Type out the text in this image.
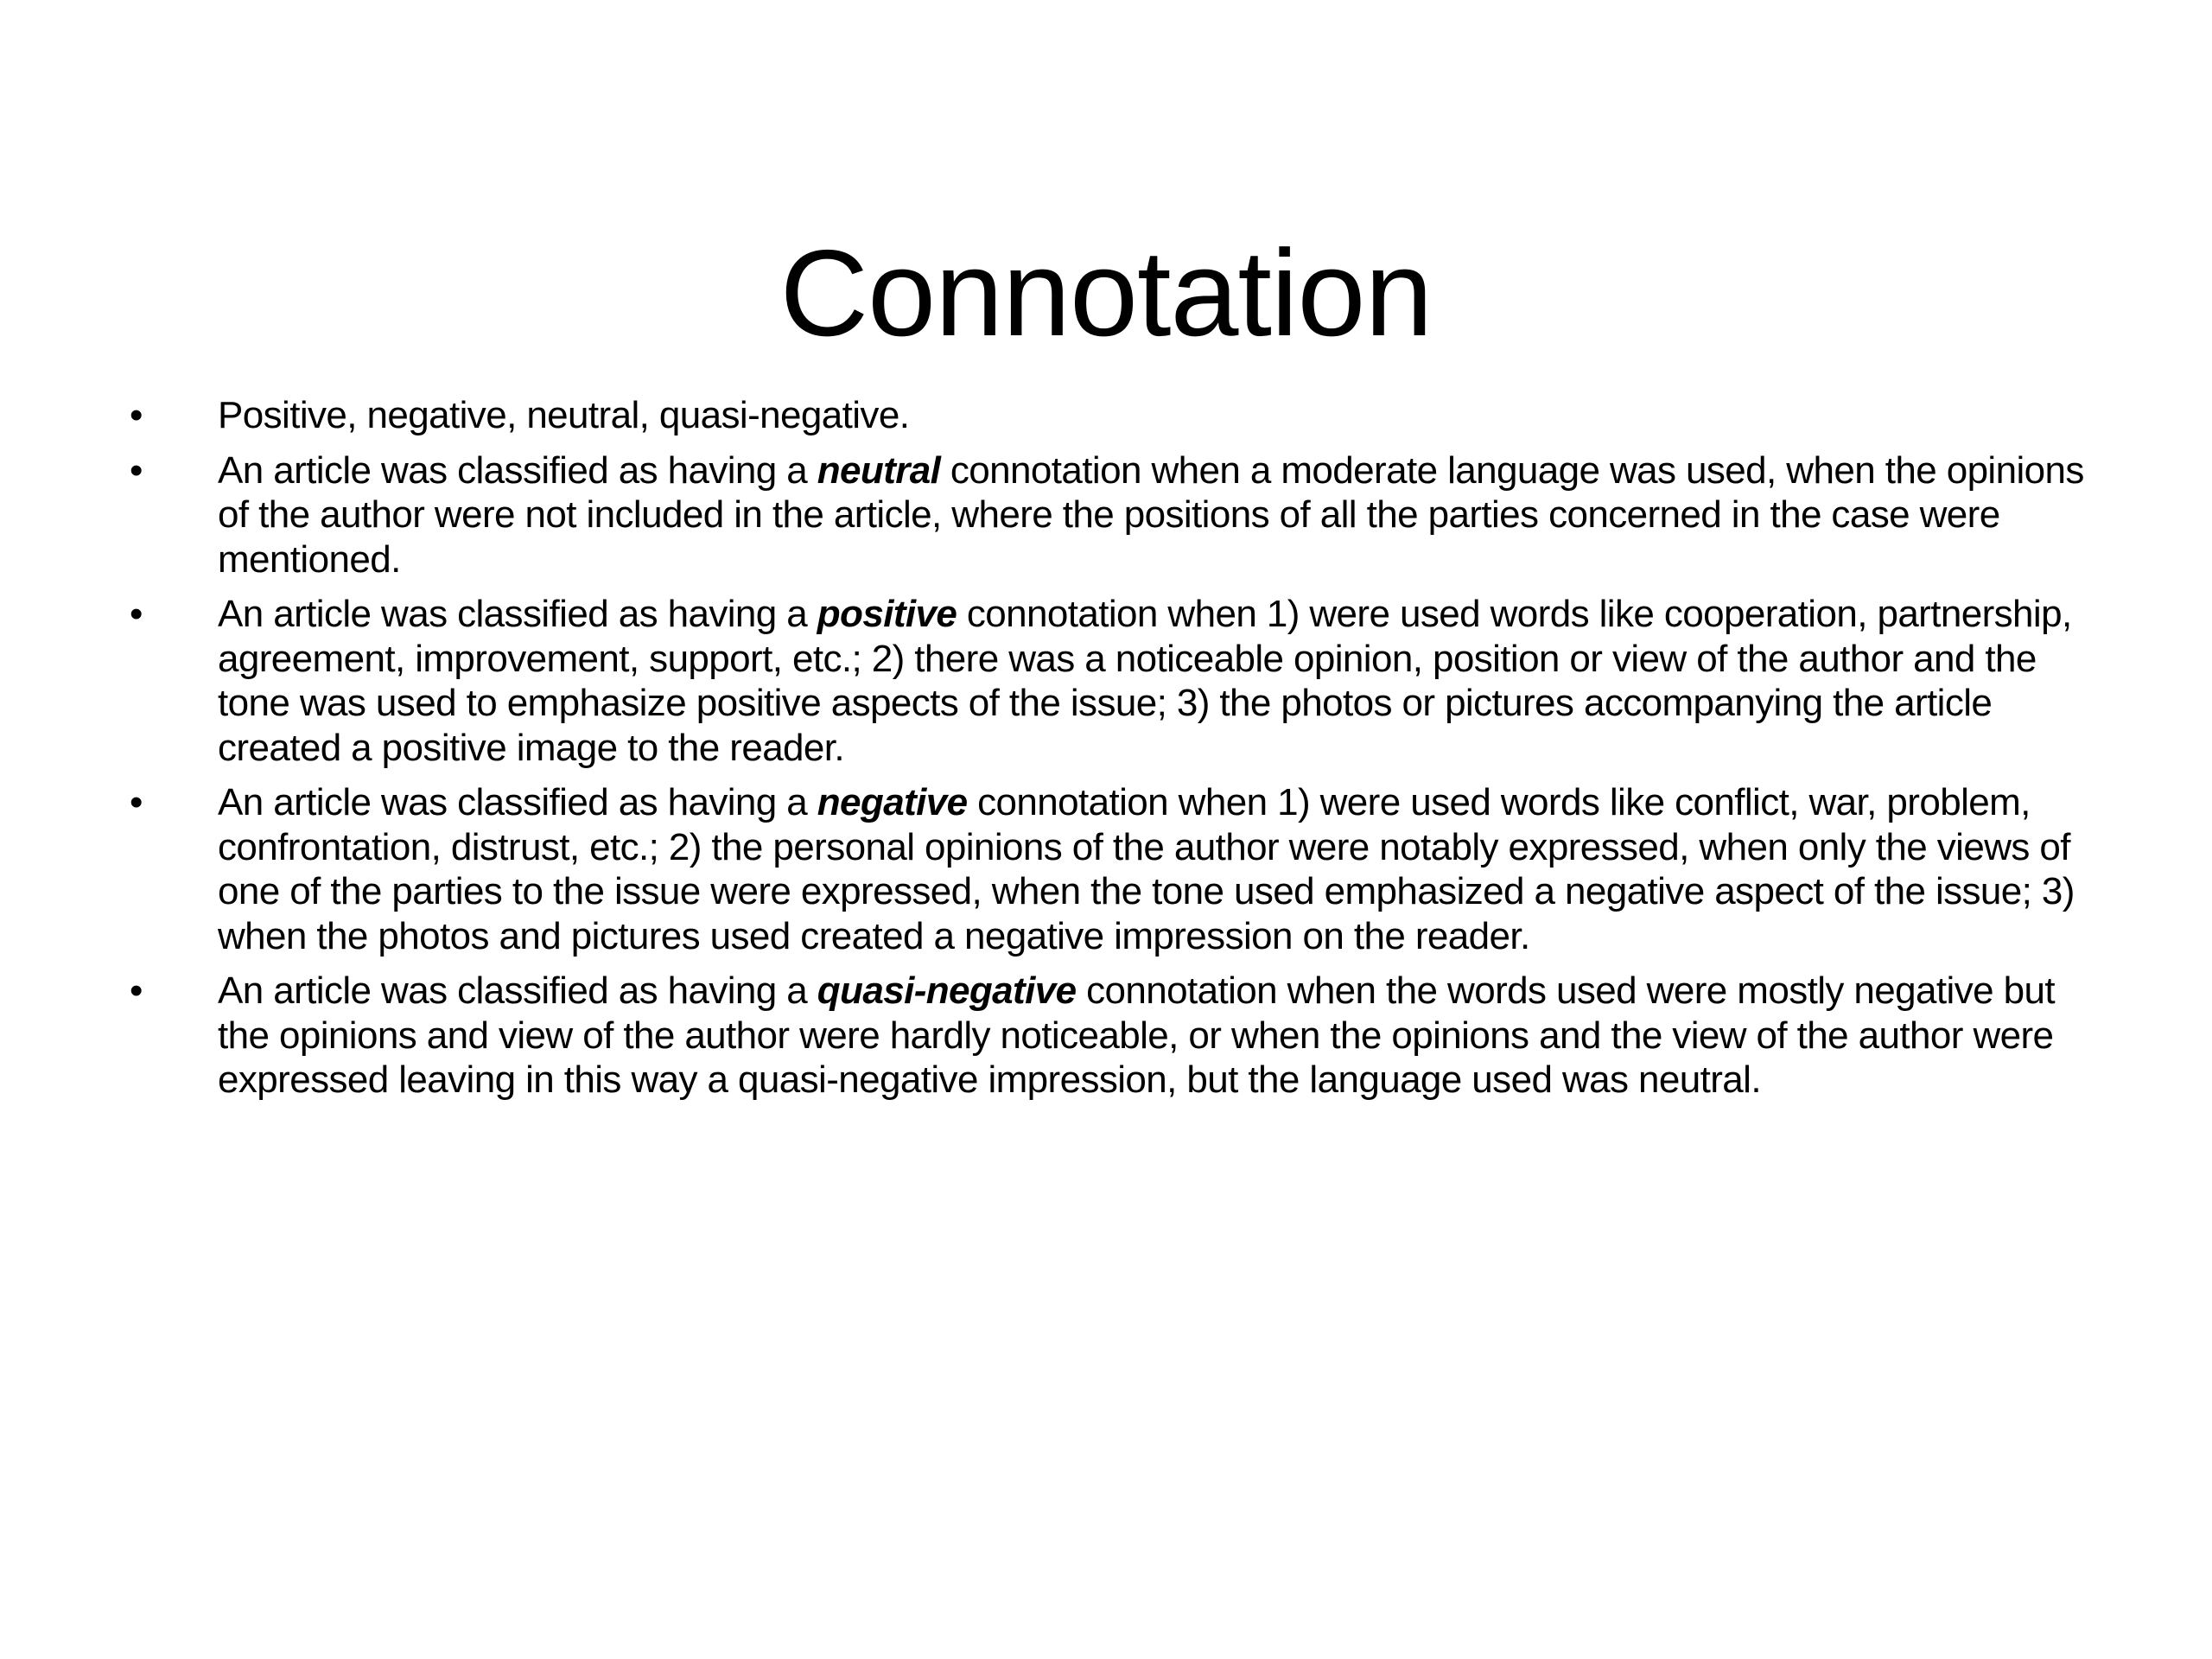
Connotation
•	Positive, negative, neutral, quasi-negative.
•	An article was classified as having a neutral connotation when a moderate language was used, when the opinions of the author were not included in the article, where the positions of all the parties concerned in the case were mentioned.
•	An article was classified as having a positive connotation when 1) were used words like cooperation, partnership, agreement, improvement, support, etc.; 2) there was a noticeable opinion, position or view of the author and the tone was used to emphasize positive aspects of the issue; 3) the photos or pictures accompanying the article created a positive image to the reader.
•	An article was classified as having a negative connotation when 1) were used words like conflict, war, problem, confrontation, distrust, etc.; 2) the personal opinions of the author were notably expressed, when only the views of one of the parties to the issue were expressed, when the tone used emphasized a negative aspect of the issue; 3) when the photos and pictures used created a negative impression on the reader.
•	An article was classified as having a quasi-negative connotation when the words used were mostly negative but the opinions and view of the author were hardly noticeable, or when the opinions and the view of the author were expressed leaving in this way a quasi-negative impression, but the language used was neutral.
